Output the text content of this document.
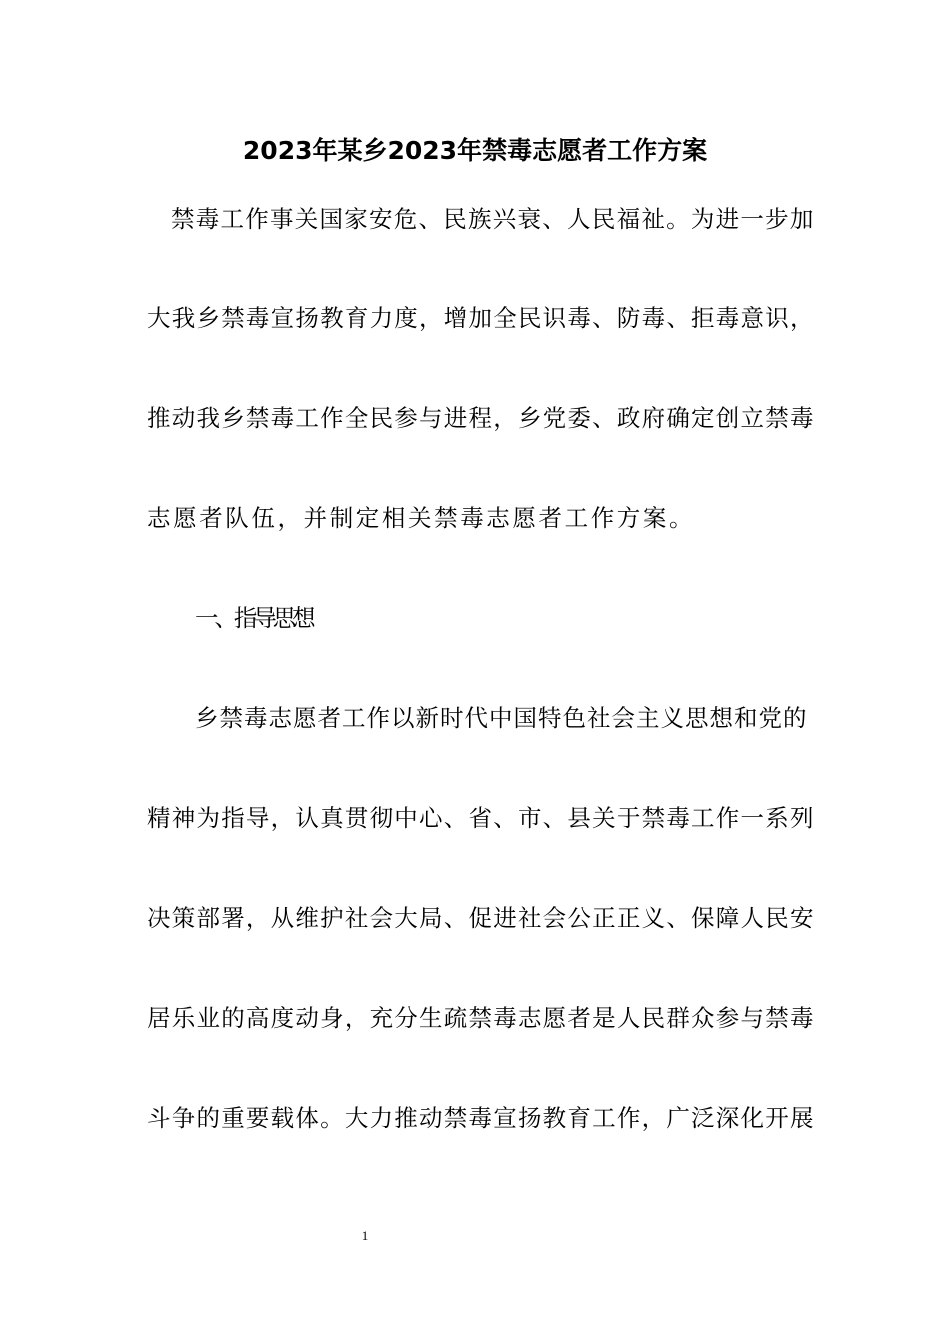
2023年某乡2023年禁毒志愿者工作方案
禁毒工作事关国家安危、民族兴衰、人民福祉。为进一步加
大我乡禁毒宣扬教育力度，增加全民识毒、防毒、拒毒意识，
推动我乡禁毒工作全民参与进程，乡党委、政府确定创立禁毒
志愿者队伍，并制定相关禁毒志愿者工作方案。
一、指导思想
乡禁毒志愿者工作以新时代中国特色社会主义思想和党的
精神为指导，认真贯彻中心、省、市、县关于禁毒工作一系列
决策部署，从维护社会大局、促进社会公正正义、保障人民安
居乐业的高度动身，充分生疏禁毒志愿者是人民群众参与禁毒
斗争的重要载体。大力推动禁毒宣扬教育工作，广泛深化开展
1
